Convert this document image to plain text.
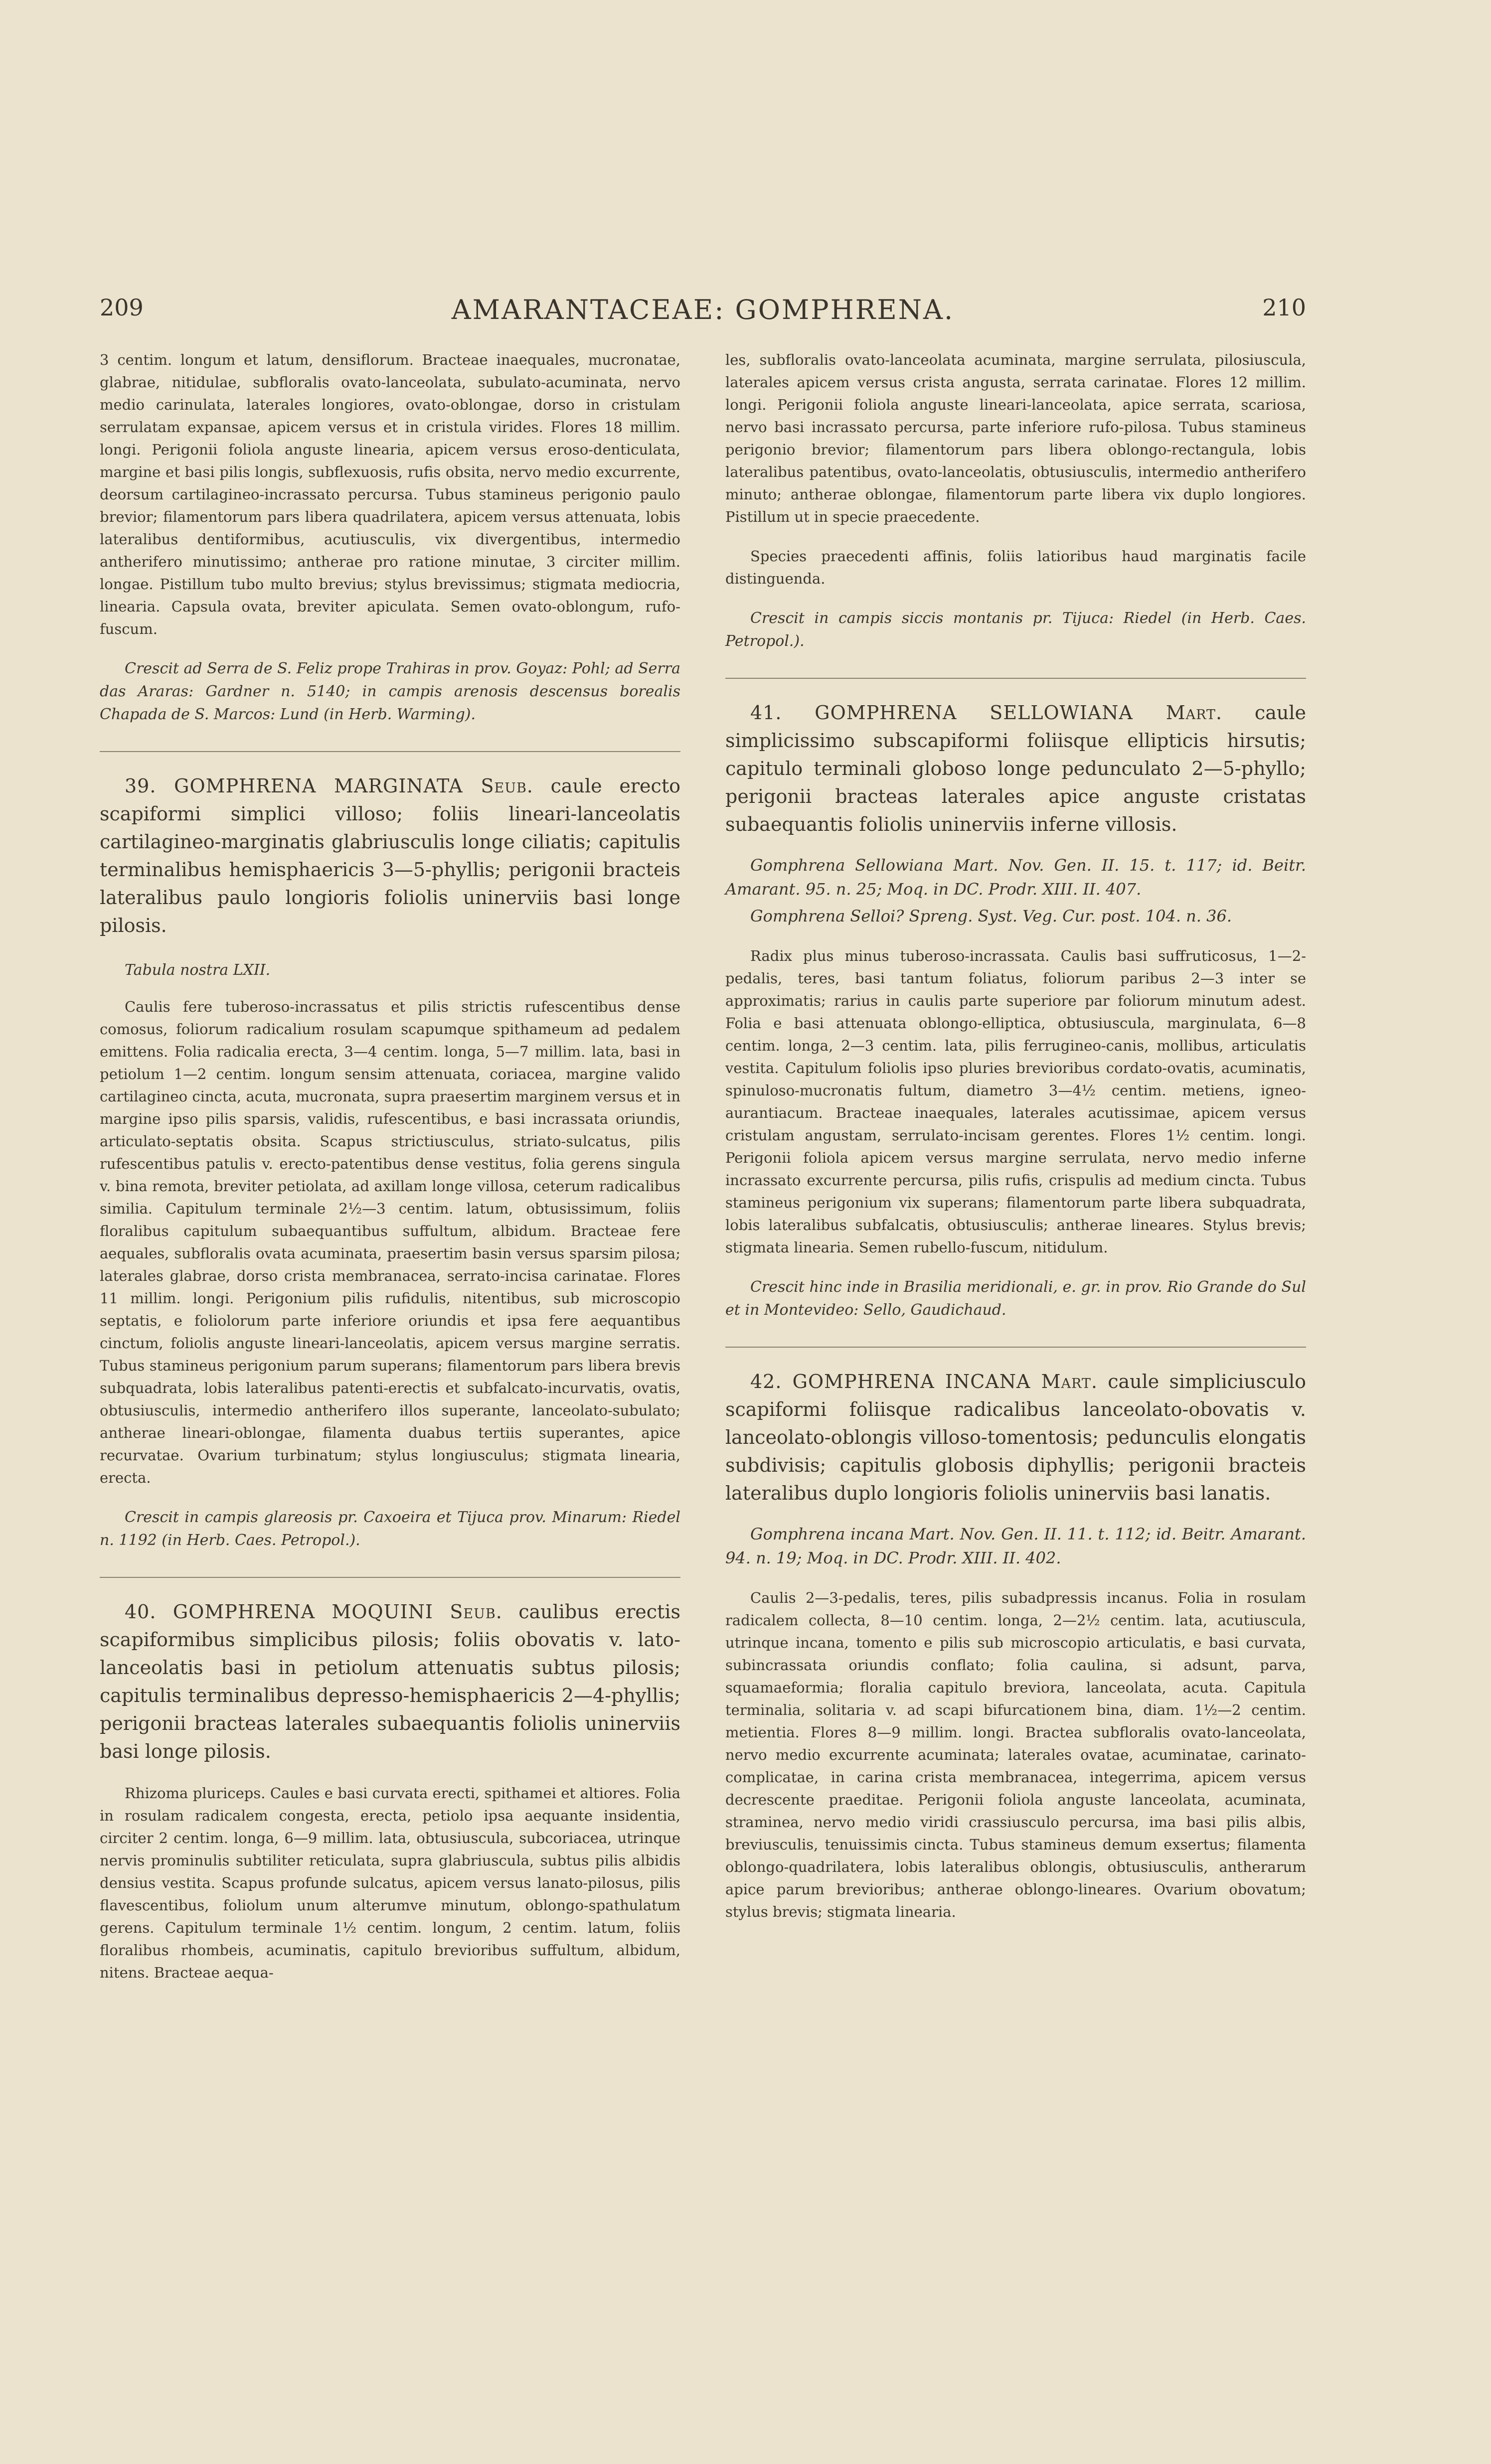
209	AMARANTACEAE: GOMPHRENA.	210

3 centim. longum et latum, densiflorum. Bracteae inaequales, mucronatae, glabrae, nitidulae, subfloralis ovato-lanceolata, subulato-acuminata, nervo medio carinulata, laterales longiores, ovato-oblongae, dorso in cristulam serrulatam expansae, apicem versus et in cristula virides. Flores 18 millim. longi. Perigonii foliola anguste linearia, apicem versus eroso-denticulata, margine et basi pilis longis, subflexuosis, rufis obsita, nervo medio excurrente, deorsum cartilagineo-incrassato percursa. Tubus stamineus perigonio paulo brevior; filamentorum pars libera quadrilatera, apicem versus attenuata, lobis lateralibus dentiformibus, acutiusculis, vix divergentibus, intermedio antherifero minutissimo; antherae pro ratione minutae, 3 circiter millim. longae. Pistillum tubo multo brevius; stylus brevissimus; stigmata mediocria, linearia. Capsula ovata, breviter apiculata. Semen ovato-oblongum, rufo-fuscum.

Crescit ad Serra de S. Feliz prope Trahiras in prov. Goyaz: Pohl; ad Serra das Araras: Gardner n. 5140; in campis arenosis descensus borealis Chapada de S. Marcos: Lund (in Herb. Warming).

39. GOMPHRENA MARGINATA Seub. caule erecto scapiformi simplici villoso; foliis lineari-lanceolatis cartilagineo-marginatis glabriusculis longe ciliatis; capitulis terminalibus hemisphaericis 3—5-phyllis; perigonii bracteis lateralibus paulo longioris foliolis uninerviis basi longe pilosis.

Tabula nostra LXII.

Caulis fere tuberoso-incrassatus et pilis strictis rufescentibus dense comosus, foliorum radicalium rosulam scapumque spithameum ad pedalem emittens. Folia radicalia erecta, 3—4 centim. longa, 5—7 millim. lata, basi in petiolum 1—2 centim. longum sensim attenuata, coriacea, margine valido cartilagineo cincta, acuta, mucronata, supra praesertim marginem versus et in margine ipso pilis sparsis, validis, rufescentibus, e basi incrassata oriundis, articulato-septatis obsita. Scapus strictiusculus, striato-sulcatus, pilis rufescentibus patulis v. erecto-patentibus dense vestitus, folia gerens singula v. bina remota, breviter petiolata, ad axillam longe villosa, ceterum radicalibus similia. Capitulum terminale 2½—3 centim. latum, obtusissimum, foliis floralibus capitulum subaequantibus suffultum, albidum. Bracteae fere aequales, subfloralis ovata acuminata, praesertim basin versus sparsim pilosa; laterales glabrae, dorso crista membranacea, serrato-incisa carinatae. Flores 11 millim. longi. Perigonium pilis rufidulis, nitentibus, sub microscopio septatis, e foliolorum parte inferiore oriundis et ipsa fere aequantibus cinctum, foliolis anguste lineari-lanceolatis, apicem versus margine serratis. Tubus stamineus perigonium parum superans; filamentorum pars libera brevis subquadrata, lobis lateralibus patenti-erectis et subfalcato-incurvatis, ovatis, obtusiusculis, intermedio antherifero illos superante, lanceolato-subulato; antherae lineari-oblongae, filamenta duabus tertiis superantes, apice recurvatae. Ovarium turbinatum; stylus longiusculus; stigmata linearia, erecta.

Crescit in campis glareosis pr. Caxoeira et Tijuca prov. Minarum: Riedel n. 1192 (in Herb. Caes. Petropol.).

40. GOMPHRENA MOQUINI Seub. caulibus erectis scapiformibus simplicibus pilosis; foliis obovatis v. lato-lanceolatis basi in petiolum attenuatis subtus pilosis; capitulis terminalibus depresso-hemisphaericis 2—4-phyllis; perigonii bracteas laterales subaequantis foliolis uninerviis basi longe pilosis.

Rhizoma pluriceps. Caules e basi curvata erecti, spithamei et altiores. Folia in rosulam radicalem congesta, erecta, petiolo ipsa aequante insidentia, circiter 2 centim. longa, 6—9 millim. lata, obtusiuscula, subcoriacea, utrinque nervis prominulis subtiliter reticulata, supra glabriuscula, subtus pilis albidis densius vestita. Scapus profunde sulcatus, apicem versus lanato-pilosus, pilis flavescentibus, foliolum unum alterumve minutum, oblongo-spathulatum gerens. Capitulum terminale 1½ centim. longum, 2 centim. latum, foliis floralibus rhombeis, acuminatis, capitulo brevioribus suffultum, albidum, nitens. Bracteae aequa-

les, subfloralis ovato-lanceolata acuminata, margine serrulata, pilosiuscula, laterales apicem versus crista angusta, serrata carinatae. Flores 12 millim. longi. Perigonii foliola anguste lineari-lanceolata, apice serrata, scariosa, nervo basi incrassato percursa, parte inferiore rufo-pilosa. Tubus stamineus perigonio brevior; filamentorum pars libera oblongo-rectangula, lobis lateralibus patentibus, ovato-lanceolatis, obtusiusculis, intermedio antherifero minuto; antherae oblongae, filamentorum parte libera vix duplo longiores. Pistillum ut in specie praecedente.

Species praecedenti affinis, foliis latioribus haud marginatis facile distinguenda.

Crescit in campis siccis montanis pr. Tijuca: Riedel (in Herb. Caes. Petropol.).

41. GOMPHRENA SELLOWIANA Mart. caule simplicissimo subscapiformi foliisque ellipticis hirsutis; capitulo terminali globoso longe pedunculato 2—5-phyllo; perigonii bracteas laterales apice anguste cristatas subaequantis foliolis uninerviis inferne villosis.

Gomphrena Sellowiana Mart. Nov. Gen. II. 15. t. 117; id. Beitr. Amarant. 95. n. 25; Moq. in DC. Prodr. XIII. II. 407.

Gomphrena Selloi? Spreng. Syst. Veg. Cur. post. 104. n. 36.

Radix plus minus tuberoso-incrassata. Caulis basi suffruticosus, 1—2-pedalis, teres, basi tantum foliatus, foliorum paribus 2—3 inter se approximatis; rarius in caulis parte superiore par foliorum minutum adest. Folia e basi attenuata oblongo-elliptica, obtusiuscula, marginulata, 6—8 centim. longa, 2—3 centim. lata, pilis ferrugineo-canis, mollibus, articulatis vestita. Capitulum foliolis ipso pluries brevioribus cordato-ovatis, acuminatis, spinuloso-mucronatis fultum, diametro 3—4½ centim. metiens, igneo-aurantiacum. Bracteae inaequales, laterales acutissimae, apicem versus cristulam angustam, serrulato-incisam gerentes. Flores 1½ centim. longi. Perigonii foliola apicem versus margine serrulata, nervo medio inferne incrassato excurrente percursa, pilis rufis, crispulis ad medium cincta. Tubus stamineus perigonium vix superans; filamentorum parte libera subquadrata, lobis lateralibus subfalcatis, obtusiusculis; antherae lineares. Stylus brevis; stigmata linearia. Semen rubello-fuscum, nitidulum.

Crescit hinc inde in Brasilia meridionali, e. gr. in prov. Rio Grande do Sul et in Montevideo: Sello, Gaudichaud.

42. GOMPHRENA INCANA Mart. caule simpliciusculo scapiformi foliisque radicalibus lanceolato-obovatis v. lanceolato-oblongis villoso-tomentosis; pedunculis elongatis subdivisis; capitulis globosis diphyllis; perigonii bracteis lateralibus duplo longioris foliolis uninerviis basi lanatis.

Gomphrena incana Mart. Nov. Gen. II. 11. t. 112; id. Beitr. Amarant. 94. n. 19; Moq. in DC. Prodr. XIII. II. 402.

Caulis 2—3-pedalis, teres, pilis subadpressis incanus. Folia in rosulam radicalem collecta, 8—10 centim. longa, 2—2½ centim. lata, acutiuscula, utrinque incana, tomento e pilis sub microscopio articulatis, e basi curvata, subincrassata oriundis conflato; folia caulina, si adsunt, parva, squamaeformia; floralia capitulo breviora, lanceolata, acuta. Capitula terminalia, solitaria v. ad scapi bifurcationem bina, diam. 1½—2 centim. metientia. Flores 8—9 millim. longi. Bractea subfloralis ovato-lanceolata, nervo medio excurrente acuminata; laterales ovatae, acuminatae, carinato-complicatae, in carina crista membranacea, integerrima, apicem versus decrescente praeditae. Perigonii foliola anguste lanceolata, acuminata, straminea, nervo medio viridi crassiusculo percursa, ima basi pilis albis, breviusculis, tenuissimis cincta. Tubus stamineus demum exsertus; filamenta oblongo-quadrilatera, lobis lateralibus oblongis, obtusiusculis, antherarum apice parum brevioribus; antherae oblongo-lineares. Ovarium obovatum; stylus brevis; stigmata linearia.
